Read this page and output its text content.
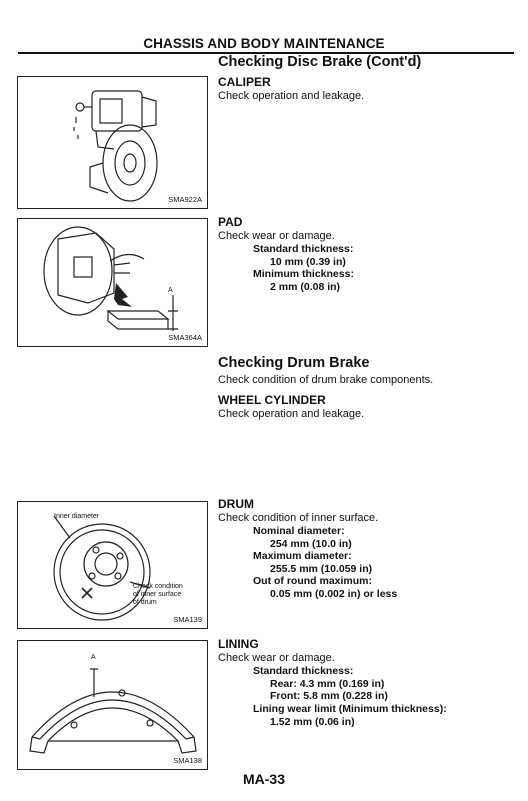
CHASSIS AND BODY MAINTENANCE
Checking Disc Brake (Cont'd)
CALIPER
Check operation and leakage.
SMA922A
PAD
Check wear or damage.
Standard thickness:
10 mm (0.39 in)
Minimum thickness:
2 mm (0.08 in)
A
SMA364A
Checking Drum Brake
Check condition of drum brake components.
WHEEL CYLINDER
Check operation and leakage.
DRUM
Check condition of inner surface.
Nominal diameter:
254 mm (10.0 in)
Maximum diameter:
255.5 mm (10.059 in)
Out of round maximum:
0.05 mm (0.002 in) or less
Inner diameter
Check condition
of inner surface
of drum
SMA139
LINING
Check wear or damage.
Standard thickness:
Rear: 4.3 mm (0.169 in)
Front: 5.8 mm (0.228 in)
Lining wear limit (Minimum thickness):
1.52 mm (0.06 in)
A
SMA138
MA-33
